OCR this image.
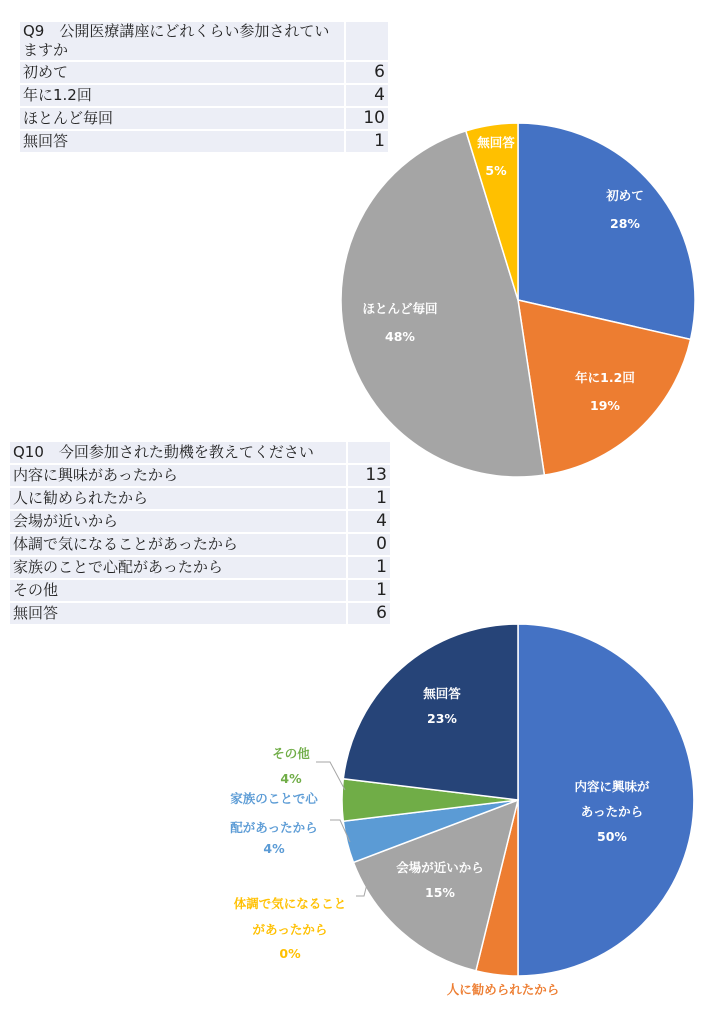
Q9　公開医療講座にどれくらい参加されていますか	
初めて	6
年に1.2回	4
ほとんど毎回	10
無回答	1
Q10　今回参加された動機を教えてください	
内容に興味があったから	13
人に勧められたから	1
会場が近いから	4
体調で気になることがあったから	0
家族のことで心配があったから	1
その他	1
無回答	6
初めて
28%
年に1.2回
19%
ほとんど毎回
48%
無回答
5%
内容に興味が
あったから
50%
会場が近いから
15%
無回答
23%
人に勧められたから
体調で気になること
があったから
0%
家族のことで心
配があったから
4%
その他
4%
